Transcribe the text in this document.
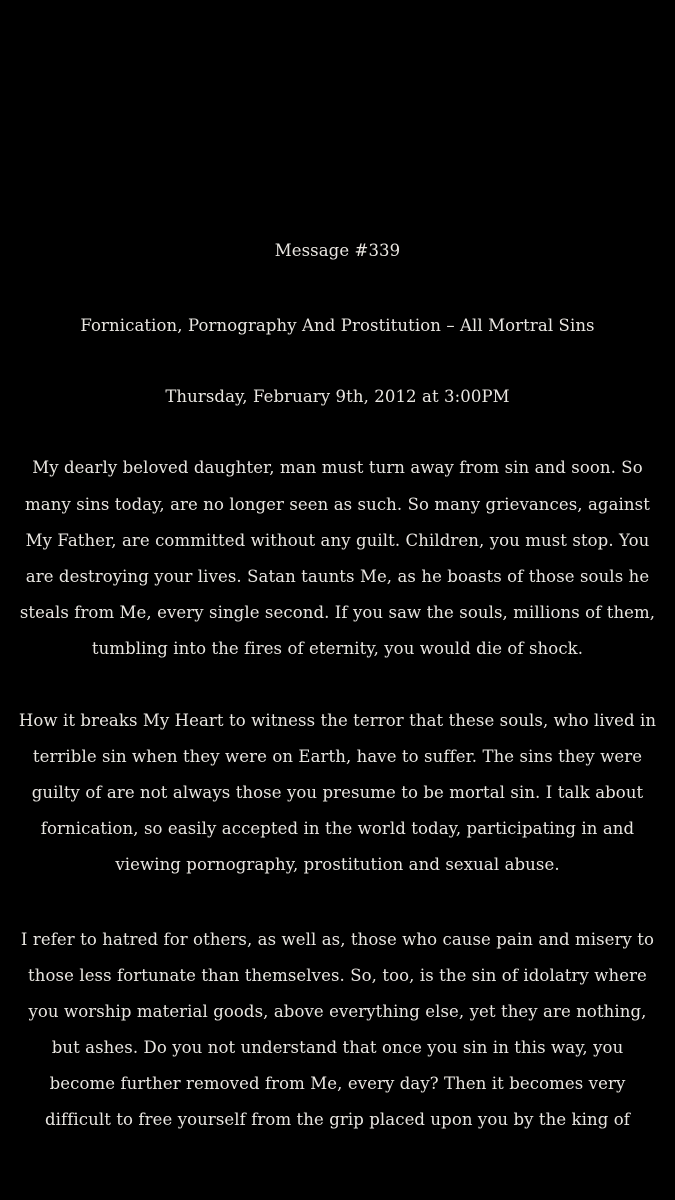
Message #339
Fornication, Pornography And Prostitution – All Mortral Sins
Thursday, February 9th, 2012 at 3:00PM
My dearly beloved daughter, man must turn away from sin and soon. So
many sins today, are no longer seen as such. So many grievances, against
My Father, are committed without any guilt. Children, you must stop. You
are destroying your lives. Satan taunts Me, as he boasts of those souls he
steals from Me, every single second. If you saw the souls, millions of them,
tumbling into the fires of eternity, you would die of shock.
How it breaks My Heart to witness the terror that these souls, who lived in
terrible sin when they were on Earth, have to suffer. The sins they were
guilty of are not always those you presume to be mortal sin. I talk about
fornication, so easily accepted in the world today, participating in and
viewing pornography, prostitution and sexual abuse.
I refer to hatred for others, as well as, those who cause pain and misery to
those less fortunate than themselves. So, too, is the sin of idolatry where
you worship material goods, above everything else, yet they are nothing,
but ashes. Do you not understand that once you sin in this way, you
become further removed from Me, every day? Then it becomes very
difficult to free yourself from the grip placed upon you by the king of
